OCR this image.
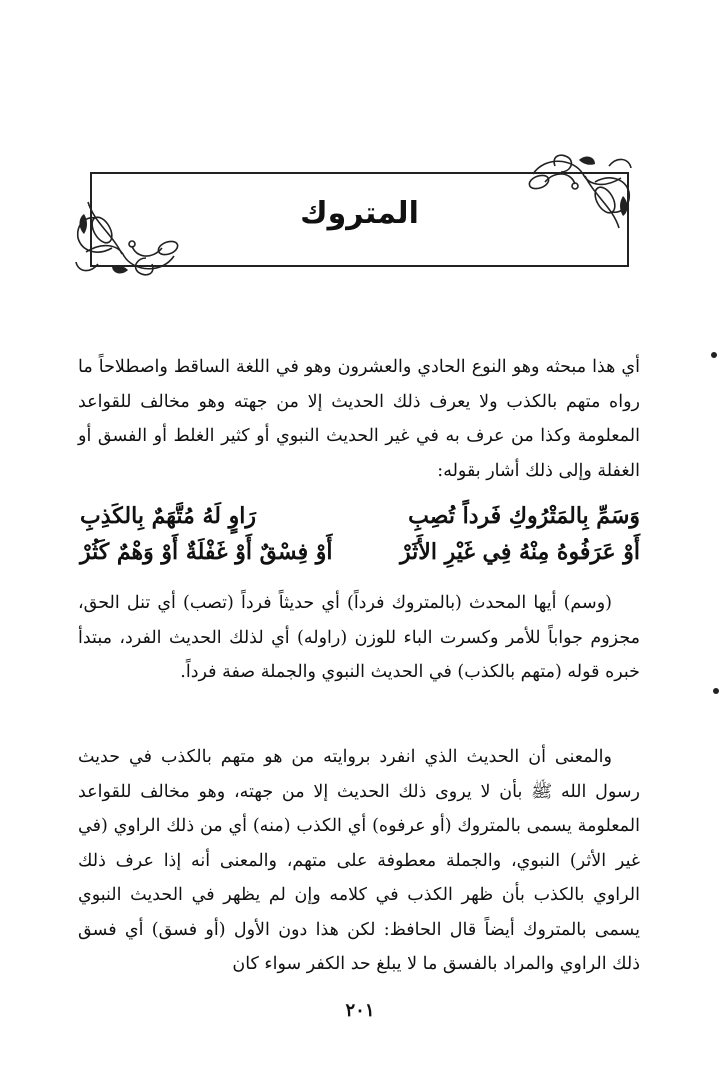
المتروك

أي هذا مبحثه وهو النوع الحادي والعشرون وهو في اللغة الساقط واصطلاحاً ما رواه متهم بالكذب ولا يعرف ذلك الحديث إلا من جهته وهو مخالف للقواعد المعلومة وكذا من عرف به في غير الحديث النبوي أو كثير الغلط أو الفسق أو الغفلة وإلى ذلك أشار بقوله:

وَسَمِّ بِالمَتْرُوكِ فَرداً تُصِبِ
رَاوٍ لَهُ مُتَّهَمٌ بِالكَذِبِ
أَوْ عَرَفُوهُ مِنْهُ فِي غَيْرِ الأَثَرْ
أَوْ فِسْقٌ أَوْ غَفْلَةٌ أَوْ وَهْمٌ كَثُرْ

(وسم) أيها المحدث (بالمتروك فرداً) أي حديثاً فرداً (تصب) أي تنل الحق، مجزوم جواباً للأمر وكسرت الباء للوزن (راوله) أي لذلك الحديث الفرد، مبتدأ خبره قوله (متهم بالكذب) في الحديث النبوي والجملة صفة فرداً.

والمعنى أن الحديث الذي انفرد بروايته من هو متهم بالكذب في حديث رسول الله ﷺ بأن لا يروى ذلك الحديث إلا من جهته، وهو مخالف للقواعد المعلومة يسمى بالمتروك (أو عرفوه) أي الكذب (منه) أي من ذلك الراوي (في غير الأثر) النبوي، والجملة معطوفة على متهم، والمعنى أنه إذا عرف ذلك الراوي بالكذب بأن ظهر الكذب في كلامه وإن لم يظهر في الحديث النبوي يسمى بالمتروك أيضاً قال الحافظ: لكن هذا دون الأول (أو فسق) أي فسق ذلك الراوي والمراد بالفسق ما لا يبلغ حد الكفر سواء كان

٢٠١
